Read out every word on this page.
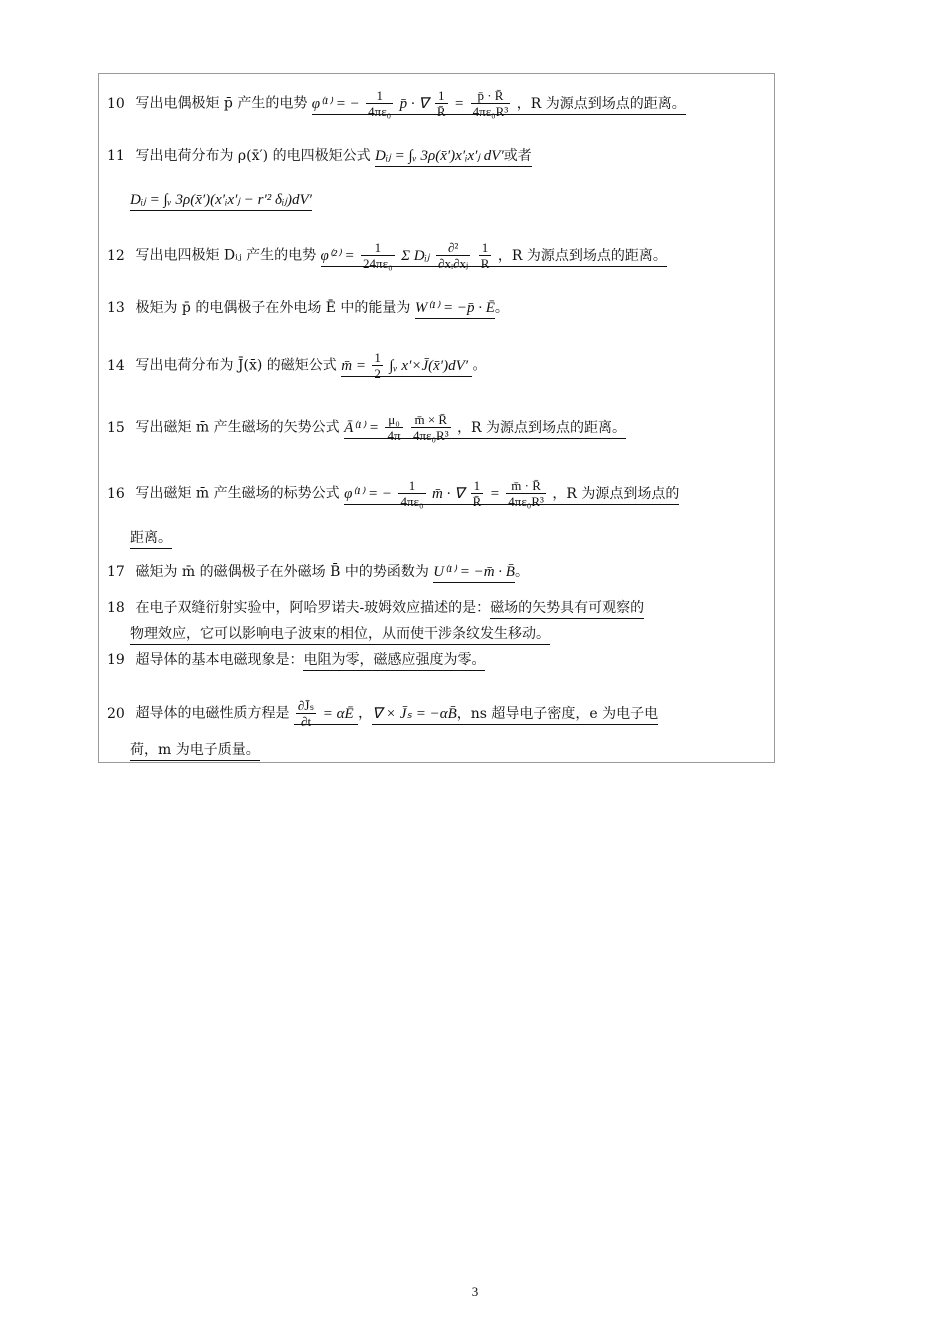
10 写出电偶极矩 p̄ 产生的电势 φ⁽¹⁾ = − $\frac{1}{\text{4πε₀}}$ p̄ · ∇ $\frac{1}{R̄} = \frac{p̄ \cdot R̄}{\text{4πε₀R³}}$ ，R 为源点到场点的距离。
11 写出电荷分布为 ρ(x̄′) 的电四极矩公式 Dᵢⱼ = ∫ᵥ 3ρ(x̄′)x′ᵢx′ⱼ dV′或者
Dᵢⱼ = ∫ᵥ 3ρ(x̄′)(x′ᵢx′ⱼ − r′² δᵢⱼ)dV′
12 写出电四极矩 Dᵢⱼ 产生的电势 $\varphi^{(2)} = \frac{1}{\text{24πε₀}}$ Σ Dᵢⱼ $\frac{\text{∂²}}{\text{∂xᵢ∂xⱼ}}$
$\frac{1}{R}$ ，R 为源点到场点的距离。
13 极矩为 p̄ 的电偶极子在外电场 Ē 中的能量为 W⁽¹⁾ = −p̄ · Ē。
14 写出电荷分布为 J̄(x̄) 的磁矩公式 m̄ = $\frac{1}{2}$ ∫ᵥ x′×J̄(x̄′)dV′ 。
15 写出磁矩 m̄ 产生磁场的矢势公式 Ā⁽¹⁾ = $\frac{\text{μ₀}}{4\pi}$
$\frac{m̄ \times R̄}{\text{4πε₀R³}}$ ，R 为源点到场点的距离。
16 写出磁矩 m̄ 产生磁场的标势公式 φ⁽¹⁾ = − $\frac{1}{\text{4πε₀}}$ m̄ · ∇ $\frac{1}{R̄} = \frac{m̄ \cdot R̄}{\text{4πε₀R³}}$ ，R 为源点到场点的
距离。
17 磁矩为 m̄ 的磁偶极子在外磁场 B̄ 中的势函数为 U⁽¹⁾ = −m̄ · B̄。
18 在电子双缝衍射实验中，阿哈罗诺夫-玻姆效应描述的是：磁场的矢势具有可观察的
物理效应，它可以影响电子波束的相位，从而使干涉条纹发生移动。
19 超导体的基本电磁现象是：电阻为零，磁感应强度为零。
20 超导体的电磁性质方程是 $\frac{\text{∂J̄ₛ}}{\partial t}$ = αĒ ，∇ × J̄ₛ = −αB̄，ns 超导电子密度，e 为电子电
荷，m 为电子质量。
3
